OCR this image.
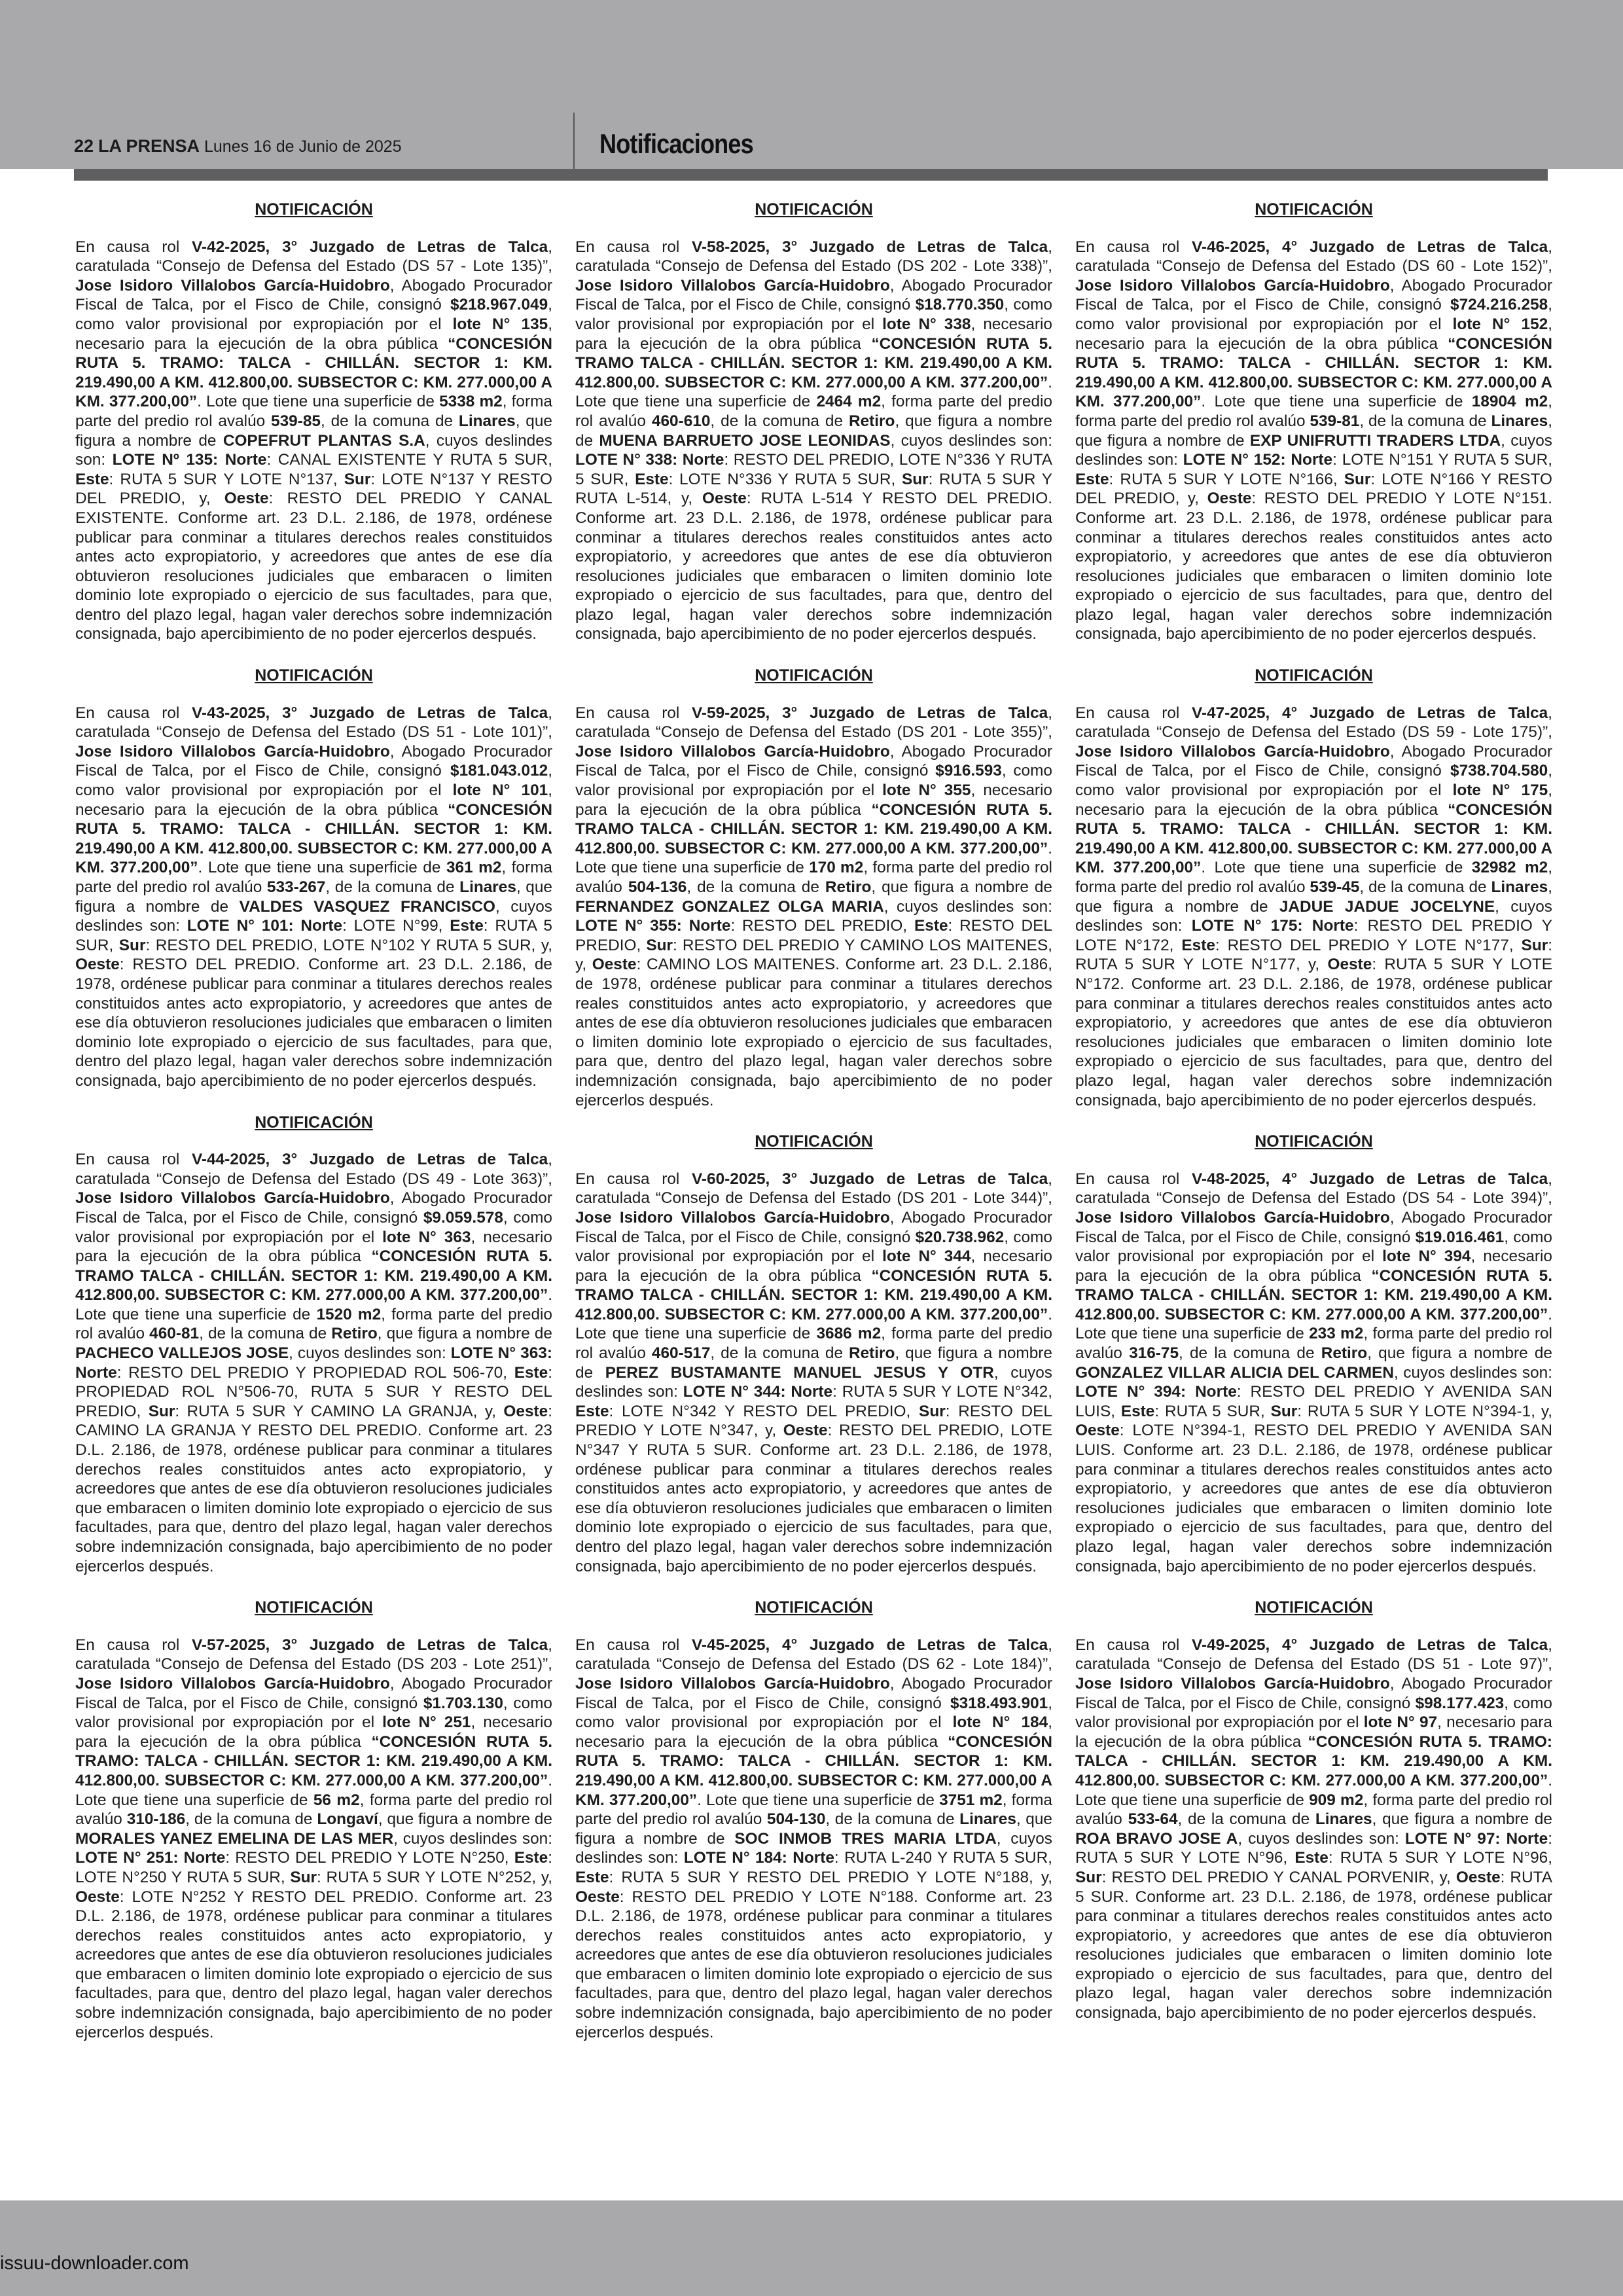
22 LA PRENSA Lunes 16 de Junio de 2025	Notificaciones
NOTIFICACIÓN
En causa rol V-42-2025, 3° Juzgado de Letras de Talca, caratulada “Consejo de Defensa del Estado (DS 57 - Lote 135)”, Jose Isidoro Villalobos García-Huidobro, Abogado Procurador Fiscal de Talca, por el Fisco de Chile, consignó $218.967.049, como valor provisional por expropiación por el lote N° 135, necesario para la ejecución de la obra pública “CONCESIÓN RUTA 5. TRAMO: TALCA - CHILLÁN. SECTOR 1: KM. 219.490,00 A KM. 412.800,00. SUBSECTOR C: KM. 277.000,00 A KM. 377.200,00”. Lote que tiene una superficie de 5338 m2, forma parte del predio rol avalúo 539-85, de la comuna de Linares, que figura a nombre de COPEFRUT PLANTAS S.A, cuyos deslindes son: LOTE Nº 135: Norte: CANAL EXISTENTE Y RUTA 5 SUR, Este: RUTA 5 SUR Y LOTE N°137, Sur: LOTE N°137 Y RESTO DEL PREDIO, y, Oeste: RESTO DEL PREDIO Y CANAL EXISTENTE. Conforme art. 23 D.L. 2.186, de 1978, ordénese publicar para conminar a titulares derechos reales constituidos antes acto expropiatorio, y acreedores que antes de ese día obtuvieron resoluciones judiciales que embaracen o limiten dominio lote expropiado o ejercicio de sus facultades, para que, dentro del plazo legal, hagan valer derechos sobre indemnización consignada, bajo apercibimiento de no poder ejercerlos después.
NOTIFICACIÓN
En causa rol V-43-2025, 3° Juzgado de Letras de Talca, caratulada “Consejo de Defensa del Estado (DS 51 - Lote 101)”, Jose Isidoro Villalobos García-Huidobro, Abogado Procurador Fiscal de Talca, por el Fisco de Chile, consignó $181.043.012, como valor provisional por expropiación por el lote N° 101, necesario para la ejecución de la obra pública “CONCESIÓN RUTA 5. TRAMO: TALCA - CHILLÁN. SECTOR 1: KM. 219.490,00 A KM. 412.800,00. SUBSECTOR C: KM. 277.000,00 A KM. 377.200,00”. Lote que tiene una superficie de 361 m2, forma parte del predio rol avalúo 533-267, de la comuna de Linares, que figura a nombre de VALDES VASQUEZ FRANCISCO, cuyos deslindes son: LOTE N° 101: Norte: LOTE N°99, Este: RUTA 5 SUR, Sur: RESTO DEL PREDIO, LOTE N°102 Y RUTA 5 SUR, y, Oeste: RESTO DEL PREDIO. Conforme art. 23 D.L. 2.186, de 1978, ordénese publicar para conminar a titulares derechos reales constituidos antes acto expropiatorio, y acreedores que antes de ese día obtuvieron resoluciones judiciales que embaracen o limiten dominio lote expropiado o ejercicio de sus facultades, para que, dentro del plazo legal, hagan valer derechos sobre indemnización consignada, bajo apercibimiento de no poder ejercerlos después.
NOTIFICACIÓN
En causa rol V-44-2025, 3° Juzgado de Letras de Talca, caratulada “Consejo de Defensa del Estado (DS 49 - Lote 363)”, Jose Isidoro Villalobos García-Huidobro, Abogado Procurador Fiscal de Talca, por el Fisco de Chile, consignó $9.059.578, como valor provisional por expropiación por el lote N° 363, necesario para la ejecución de la obra pública “CONCESIÓN RUTA 5. TRAMO TALCA - CHILLÁN. SECTOR 1: KM. 219.490,00 A KM. 412.800,00. SUBSECTOR C: KM. 277.000,00 A KM. 377.200,00”. Lote que tiene una superficie de 1520 m2, forma parte del predio rol avalúo 460-81, de la comuna de Retiro, que figura a nombre de PACHECO VALLEJOS JOSE, cuyos deslindes son: LOTE N° 363: Norte: RESTO DEL PREDIO Y PROPIEDAD ROL 506-70, Este: PROPIEDAD ROL N°506-70, RUTA 5 SUR Y RESTO DEL PREDIO, Sur: RUTA 5 SUR Y CAMINO LA GRANJA, y, Oeste: CAMINO LA GRANJA Y RESTO DEL PREDIO. Conforme art. 23 D.L. 2.186, de 1978, ordénese publicar para conminar a titulares derechos reales constituidos antes acto expropiatorio, y acreedores que antes de ese día obtuvieron resoluciones judiciales que embaracen o limiten dominio lote expropiado o ejercicio de sus facultades, para que, dentro del plazo legal, hagan valer derechos sobre indemnización consignada, bajo apercibimiento de no poder ejercerlos después.
NOTIFICACIÓN
En causa rol V-57-2025, 3° Juzgado de Letras de Talca, caratulada “Consejo de Defensa del Estado (DS 203 - Lote 251)”, Jose Isidoro Villalobos García-Huidobro, Abogado Procurador Fiscal de Talca, por el Fisco de Chile, consignó $1.703.130, como valor provisional por expropiación por el lote N° 251, necesario para la ejecución de la obra pública “CONCESIÓN RUTA 5. TRAMO: TALCA - CHILLÁN. SECTOR 1: KM. 219.490,00 A KM. 412.800,00. SUBSECTOR C: KM. 277.000,00 A KM. 377.200,00”. Lote que tiene una superficie de 56 m2, forma parte del predio rol avalúo 310-186, de la comuna de Longaví, que figura a nombre de MORALES YANEZ EMELINA DE LAS MER, cuyos deslindes son: LOTE N° 251: Norte: RESTO DEL PREDIO Y LOTE N°250, Este: LOTE N°250 Y RUTA 5 SUR, Sur: RUTA 5 SUR Y LOTE N°252, y, Oeste: LOTE N°252 Y RESTO DEL PREDIO. Conforme art. 23 D.L. 2.186, de 1978, ordénese publicar para conminar a titulares derechos reales constituidos antes acto expropiatorio, y acreedores que antes de ese día obtuvieron resoluciones judiciales que embaracen o limiten dominio lote expropiado o ejercicio de sus facultades, para que, dentro del plazo legal, hagan valer derechos sobre indemnización consignada, bajo apercibimiento de no poder ejercerlos después.
NOTIFICACIÓN
En causa rol V-58-2025, 3° Juzgado de Letras de Talca, caratulada “Consejo de Defensa del Estado (DS 202 - Lote 338)”, Jose Isidoro Villalobos García-Huidobro, Abogado Procurador Fiscal de Talca, por el Fisco de Chile, consignó $18.770.350, como valor provisional por expropiación por el lote N° 338, necesario para la ejecución de la obra pública “CONCESIÓN RUTA 5. TRAMO TALCA - CHILLÁN. SECTOR 1: KM. 219.490,00 A KM. 412.800,00. SUBSECTOR C: KM. 277.000,00 A KM. 377.200,00”. Lote que tiene una superficie de 2464 m2, forma parte del predio rol avalúo 460-610, de la comuna de Retiro, que figura a nombre de MUENA BARRUETO JOSE LEONIDAS, cuyos deslindes son: LOTE N° 338: Norte: RESTO DEL PREDIO, LOTE N°336 Y RUTA 5 SUR, Este: LOTE N°336 Y RUTA 5 SUR, Sur: RUTA 5 SUR Y RUTA L-514, y, Oeste: RUTA L-514 Y RESTO DEL PREDIO. Conforme art. 23 D.L. 2.186, de 1978, ordénese publicar para conminar a titulares derechos reales constituidos antes acto expropiatorio, y acreedores que antes de ese día obtuvieron resoluciones judiciales que embaracen o limiten dominio lote expropiado o ejercicio de sus facultades, para que, dentro del plazo legal, hagan valer derechos sobre indemnización consignada, bajo apercibimiento de no poder ejercerlos después.
NOTIFICACIÓN
En causa rol V-59-2025, 3° Juzgado de Letras de Talca, caratulada “Consejo de Defensa del Estado (DS 201 - Lote 355)”, Jose Isidoro Villalobos García-Huidobro, Abogado Procurador Fiscal de Talca, por el Fisco de Chile, consignó $916.593, como valor provisional por expropiación por el lote N° 355, necesario para la ejecución de la obra pública “CONCESIÓN RUTA 5. TRAMO TALCA - CHILLÁN. SECTOR 1: KM. 219.490,00 A KM. 412.800,00. SUBSECTOR C: KM. 277.000,00 A KM. 377.200,00”. Lote que tiene una superficie de 170 m2, forma parte del predio rol avalúo 504-136, de la comuna de Retiro, que figura a nombre de FERNANDEZ GONZALEZ OLGA MARIA, cuyos deslindes son: LOTE N° 355: Norte: RESTO DEL PREDIO, Este: RESTO DEL PREDIO, Sur: RESTO DEL PREDIO Y CAMINO LOS MAITENES, y, Oeste: CAMINO LOS MAITENES. Conforme art. 23 D.L. 2.186, de 1978, ordénese publicar para conminar a titulares derechos reales constituidos antes acto expropiatorio, y acreedores que antes de ese día obtuvieron resoluciones judiciales que embaracen o limiten dominio lote expropiado o ejercicio de sus facultades, para que, dentro del plazo legal, hagan valer derechos sobre indemnización consignada, bajo apercibimiento de no poder ejercerlos después.
NOTIFICACIÓN
En causa rol V-60-2025, 3° Juzgado de Letras de Talca, caratulada “Consejo de Defensa del Estado (DS 201 - Lote 344)”, Jose Isidoro Villalobos García-Huidobro, Abogado Procurador Fiscal de Talca, por el Fisco de Chile, consignó $20.738.962, como valor provisional por expropiación por el lote N° 344, necesario para la ejecución de la obra pública “CONCESIÓN RUTA 5. TRAMO TALCA - CHILLÁN. SECTOR 1: KM. 219.490,00 A KM. 412.800,00. SUBSECTOR C: KM. 277.000,00 A KM. 377.200,00”. Lote que tiene una superficie de 3686 m2, forma parte del predio rol avalúo 460-517, de la comuna de Retiro, que figura a nombre de PEREZ BUSTAMANTE MANUEL JESUS Y OTR, cuyos deslindes son: LOTE N° 344: Norte: RUTA 5 SUR Y LOTE N°342, Este: LOTE N°342 Y RESTO DEL PREDIO, Sur: RESTO DEL PREDIO Y LOTE N°347, y, Oeste: RESTO DEL PREDIO, LOTE N°347 Y RUTA 5 SUR. Conforme art. 23 D.L. 2.186, de 1978, ordénese publicar para conminar a titulares derechos reales constituidos antes acto expropiatorio, y acreedores que antes de ese día obtuvieron resoluciones judiciales que embaracen o limiten dominio lote expropiado o ejercicio de sus facultades, para que, dentro del plazo legal, hagan valer derechos sobre indemnización consignada, bajo apercibimiento de no poder ejercerlos después.
NOTIFICACIÓN
En causa rol V-45-2025, 4° Juzgado de Letras de Talca, caratulada “Consejo de Defensa del Estado (DS 62 - Lote 184)”, Jose Isidoro Villalobos García-Huidobro, Abogado Procurador Fiscal de Talca, por el Fisco de Chile, consignó $318.493.901, como valor provisional por expropiación por el lote N° 184, necesario para la ejecución de la obra pública “CONCESIÓN RUTA 5. TRAMO: TALCA - CHILLÁN. SECTOR 1: KM. 219.490,00 A KM. 412.800,00. SUBSECTOR C: KM. 277.000,00 A KM. 377.200,00”. Lote que tiene una superficie de 3751 m2, forma parte del predio rol avalúo 504-130, de la comuna de Linares, que figura a nombre de SOC INMOB TRES MARIA LTDA, cuyos deslindes son: LOTE N° 184: Norte: RUTA L-240 Y RUTA 5 SUR, Este: RUTA 5 SUR Y RESTO DEL PREDIO Y LOTE N°188, y, Oeste: RESTO DEL PREDIO Y LOTE N°188. Conforme art. 23 D.L. 2.186, de 1978, ordénese publicar para conminar a titulares derechos reales constituidos antes acto expropiatorio, y acreedores que antes de ese día obtuvieron resoluciones judiciales que embaracen o limiten dominio lote expropiado o ejercicio de sus facultades, para que, dentro del plazo legal, hagan valer derechos sobre indemnización consignada, bajo apercibimiento de no poder ejercerlos después.
NOTIFICACIÓN
En causa rol V-46-2025, 4° Juzgado de Letras de Talca, caratulada “Consejo de Defensa del Estado (DS 60 - Lote 152)”, Jose Isidoro Villalobos García-Huidobro, Abogado Procurador Fiscal de Talca, por el Fisco de Chile, consignó $724.216.258, como valor provisional por expropiación por el lote N° 152, necesario para la ejecución de la obra pública “CONCESIÓN RUTA 5. TRAMO: TALCA - CHILLÁN. SECTOR 1: KM. 219.490,00 A KM. 412.800,00. SUBSECTOR C: KM. 277.000,00 A KM. 377.200,00”. Lote que tiene una superficie de 18904 m2, forma parte del predio rol avalúo 539-81, de la comuna de Linares, que figura a nombre de EXP UNIFRUTTI TRADERS LTDA, cuyos deslindes son: LOTE N° 152: Norte: LOTE N°151 Y RUTA 5 SUR, Este: RUTA 5 SUR Y LOTE N°166, Sur: LOTE N°166 Y RESTO DEL PREDIO, y, Oeste: RESTO DEL PREDIO Y LOTE N°151. Conforme art. 23 D.L. 2.186, de 1978, ordénese publicar para conminar a titulares derechos reales constituidos antes acto expropiatorio, y acreedores que antes de ese día obtuvieron resoluciones judiciales que embaracen o limiten dominio lote expropiado o ejercicio de sus facultades, para que, dentro del plazo legal, hagan valer derechos sobre indemnización consignada, bajo apercibimiento de no poder ejercerlos después.
NOTIFICACIÓN
En causa rol V-47-2025, 4° Juzgado de Letras de Talca, caratulada “Consejo de Defensa del Estado (DS 59 - Lote 175)”, Jose Isidoro Villalobos García-Huidobro, Abogado Procurador Fiscal de Talca, por el Fisco de Chile, consignó $738.704.580, como valor provisional por expropiación por el lote N° 175, necesario para la ejecución de la obra pública “CONCESIÓN RUTA 5. TRAMO: TALCA - CHILLÁN. SECTOR 1: KM. 219.490,00 A KM. 412.800,00. SUBSECTOR C: KM. 277.000,00 A KM. 377.200,00”. Lote que tiene una superficie de 32982 m2, forma parte del predio rol avalúo 539-45, de la comuna de Linares, que figura a nombre de JADUE JADUE JOCELYNE, cuyos deslindes son: LOTE N° 175: Norte: RESTO DEL PREDIO Y LOTE N°172, Este: RESTO DEL PREDIO Y LOTE N°177, Sur: RUTA 5 SUR Y LOTE N°177, y, Oeste: RUTA 5 SUR Y LOTE N°172. Conforme art. 23 D.L. 2.186, de 1978, ordénese publicar para conminar a titulares derechos reales constituidos antes acto expropiatorio, y acreedores que antes de ese día obtuvieron resoluciones judiciales que embaracen o limiten dominio lote expropiado o ejercicio de sus facultades, para que, dentro del plazo legal, hagan valer derechos sobre indemnización consignada, bajo apercibimiento de no poder ejercerlos después.
NOTIFICACIÓN
En causa rol V-48-2025, 4° Juzgado de Letras de Talca, caratulada “Consejo de Defensa del Estado (DS 54 - Lote 394)”, Jose Isidoro Villalobos García-Huidobro, Abogado Procurador Fiscal de Talca, por el Fisco de Chile, consignó $19.016.461, como valor provisional por expropiación por el lote N° 394, necesario para la ejecución de la obra pública “CONCESIÓN RUTA 5. TRAMO TALCA - CHILLÁN. SECTOR 1: KM. 219.490,00 A KM. 412.800,00. SUBSECTOR C: KM. 277.000,00 A KM. 377.200,00”. Lote que tiene una superficie de 233 m2, forma parte del predio rol avalúo 316-75, de la comuna de Retiro, que figura a nombre de GONZALEZ VILLAR ALICIA DEL CARMEN, cuyos deslindes son: LOTE N° 394: Norte: RESTO DEL PREDIO Y AVENIDA SAN LUIS, Este: RUTA 5 SUR, Sur: RUTA 5 SUR Y LOTE N°394-1, y, Oeste: LOTE N°394-1, RESTO DEL PREDIO Y AVENIDA SAN LUIS. Conforme art. 23 D.L. 2.186, de 1978, ordénese publicar para conminar a titulares derechos reales constituidos antes acto expropiatorio, y acreedores que antes de ese día obtuvieron resoluciones judiciales que embaracen o limiten dominio lote expropiado o ejercicio de sus facultades, para que, dentro del plazo legal, hagan valer derechos sobre indemnización consignada, bajo apercibimiento de no poder ejercerlos después.
NOTIFICACIÓN
En causa rol V-49-2025, 4° Juzgado de Letras de Talca, caratulada “Consejo de Defensa del Estado (DS 51 - Lote 97)”, Jose Isidoro Villalobos García-Huidobro, Abogado Procurador Fiscal de Talca, por el Fisco de Chile, consignó $98.177.423, como valor provisional por expropiación por el lote N° 97, necesario para la ejecución de la obra pública “CONCESIÓN RUTA 5. TRAMO: TALCA - CHILLÁN. SECTOR 1: KM. 219.490,00 A KM. 412.800,00. SUBSECTOR C: KM. 277.000,00 A KM. 377.200,00”. Lote que tiene una superficie de 909 m2, forma parte del predio rol avalúo 533-64, de la comuna de Linares, que figura a nombre de ROA BRAVO JOSE A, cuyos deslindes son: LOTE N° 97: Norte: RUTA 5 SUR Y LOTE N°96, Este: RUTA 5 SUR Y LOTE N°96, Sur: RESTO DEL PREDIO Y CANAL PORVENIR, y, Oeste: RUTA 5 SUR. Conforme art. 23 D.L. 2.186, de 1978, ordénese publicar para conminar a titulares derechos reales constituidos antes acto expropiatorio, y acreedores que antes de ese día obtuvieron resoluciones judiciales que embaracen o limiten dominio lote expropiado o ejercicio de sus facultades, para que, dentro del plazo legal, hagan valer derechos sobre indemnización consignada, bajo apercibimiento de no poder ejercerlos después.
issuu-downloader.com
